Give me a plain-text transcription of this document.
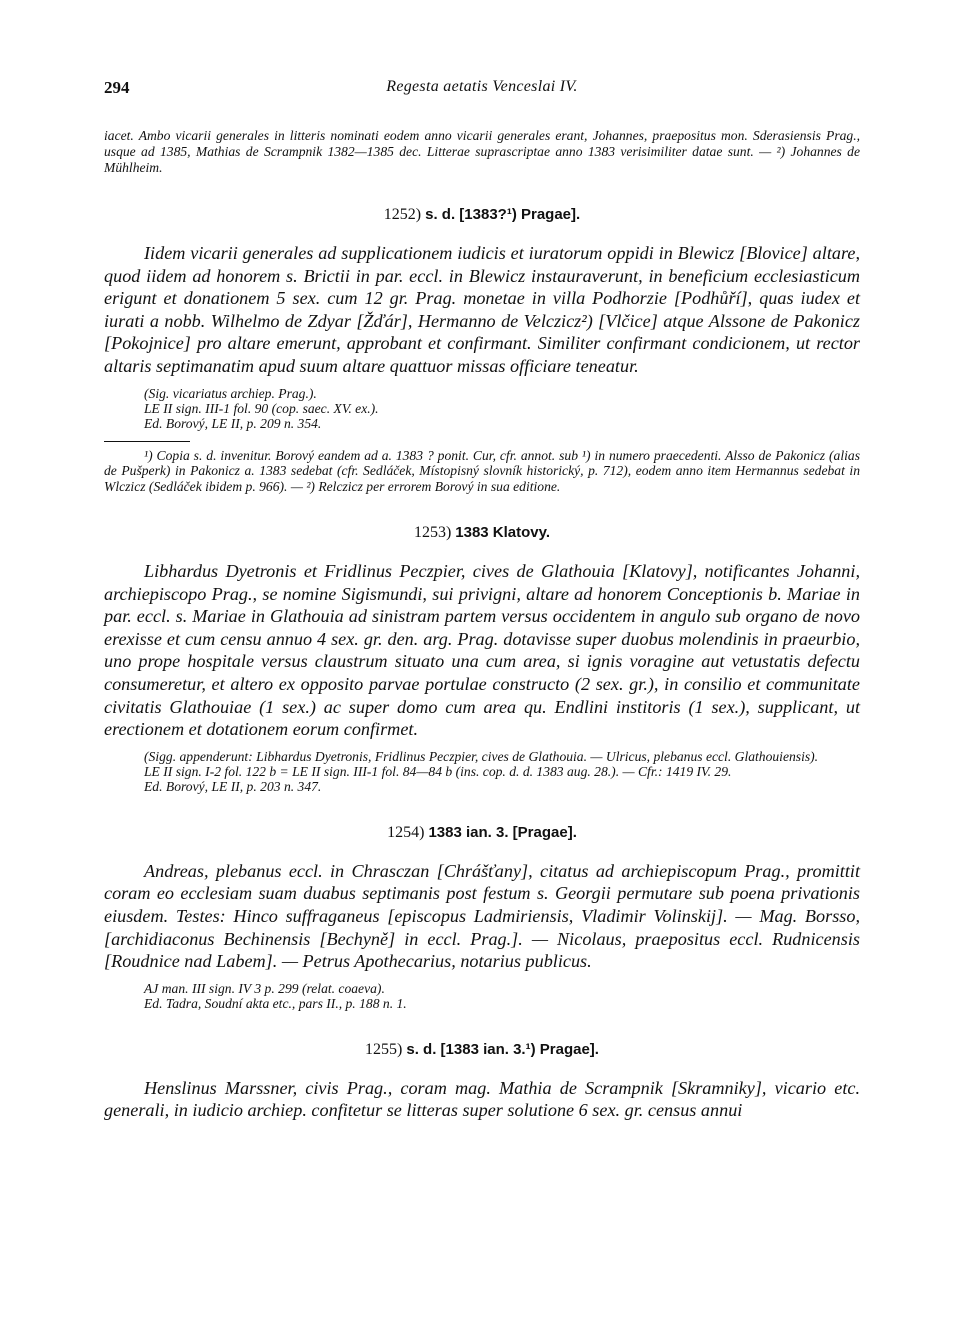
294	Regesta aetatis Venceslai IV.
iacet. Ambo vicarii generales in litteris nominati eodem anno vicarii generales erant, Johannes, praepositus mon. Sderasiensis Prag., usque ad 1385, Mathias de Scrampnik 1382—1385 dec. Litterae suprascriptae anno 1383 verisimiliter datae sunt. — ²) Johannes de Mühlheim.
1252) s. d. [1383?¹) Pragae].

Iidem vicarii generales ad supplicationem iudicis et iuratorum oppidi in Blewicz [Blovice] altare, quod iidem ad honorem s. Brictii in par. eccl. in Blewicz instauraverunt, in beneficium ecclesiasticum erigunt et donationem 5 sex. cum 12 gr. Prag. monetae in villa Podhorzie [Podhůří], quas iudex et iurati a nobb. Wilhelmo de Zdyar [Žďár], Hermanno de Velczicz²) [Vlčice] atque Alssone de Pakonicz [Pokojnice] pro altare emerunt, approbant et confirmant. Similiter confirmant condicionem, ut rector altaris septimanatim apud suum altare quattuor missas officiare teneatur.

(Sig. vicariatus archiep. Prag.).
LE II sign. III-1 fol. 90 (cop. saec. XV. ex.).
Ed. Borový, LE II, p. 209 n. 354.
¹) Copia s. d. invenitur. Borový eandem ad a. 1383 ? ponit. Cur, cfr. annot. sub ¹) in numero praecedenti. Alsso de Pakonicz (alias de Pušperk) in Pakonicz a. 1383 sedebat (cfr. Sedláček, Místopisný slovník historický, p. 712), eodem anno item Hermannus sedebat in Wlczicz (Sedláček ibidem p. 966). — ²) Relczicz per errorem Borový in sua editione.
1253) 1383 Klatovy.

Libhardus Dyetronis et Fridlinus Peczpier, cives de Glathouia [Klatovy], notificantes Johanni, archiepiscopo Prag., se nomine Sigismundi, sui privigni, altare ad honorem Conceptionis b. Mariae in par. eccl. s. Mariae in Glathouia ad sinistram partem versus occidentem in angulo sub organo de novo erexisse et cum censu annuo 4 sex. gr. den. arg. Prag. dotavisse super duobus molendinis in praeurbio, uno prope hospitale versus claustrum situato una cum area, si ignis voragine aut vetustatis defectu consumeretur, et altero ex opposito parvae portulae constructo (2 sex. gr.), in consilio et communitate civitatis Glathouiae (1 sex.) ac super domo cum area qu. Endlini institoris (1 sex.), supplicant, ut erectionem et dotationem eorum confirmet.

(Sigg. appenderunt: Libhardus Dyetronis, Fridlinus Peczpier, cives de Glathouia. — Ulricus, plebanus eccl. Glathouiensis).
LE II sign. I-2 fol. 122 b = LE II sign. III-1 fol. 84—84 b (ins. cop. d. d. 1383 aug. 28.). — Cfr.: 1419 IV. 29.
Ed. Borový, LE II, p. 203 n. 347.
1254) 1383 ian. 3. [Pragae].

Andreas, plebanus eccl. in Chrasczan [Chrášťany], citatus ad archiepiscopum Prag., promittit coram eo ecclesiam suam duabus septimanis post festum s. Georgii permutare sub poena privationis eiusdem. Testes: Hinco suffraganeus [episcopus Ladmiriensis, Vladimir Volinskij]. — Mag. Borsso, [archidiaconus Bechinensis [Bechyně] in eccl. Prag.]. — Nicolaus, praepositus eccl. Rudnicensis [Roudnice nad Labem]. — Petrus Apothecarius, notarius publicus.

AJ man. III sign. IV 3 p. 299 (relat. coaeva).
Ed. Tadra, Soudní akta etc., pars II., p. 188 n. 1.
1255) s. d. [1383 ian. 3.¹) Pragae].

Henslinus Marssner, civis Prag., coram mag. Mathia de Scrampnik [Skramniky], vicario etc. generali, in iudicio archiep. confitetur se litteras super solutione 6 sex. gr. census annui
